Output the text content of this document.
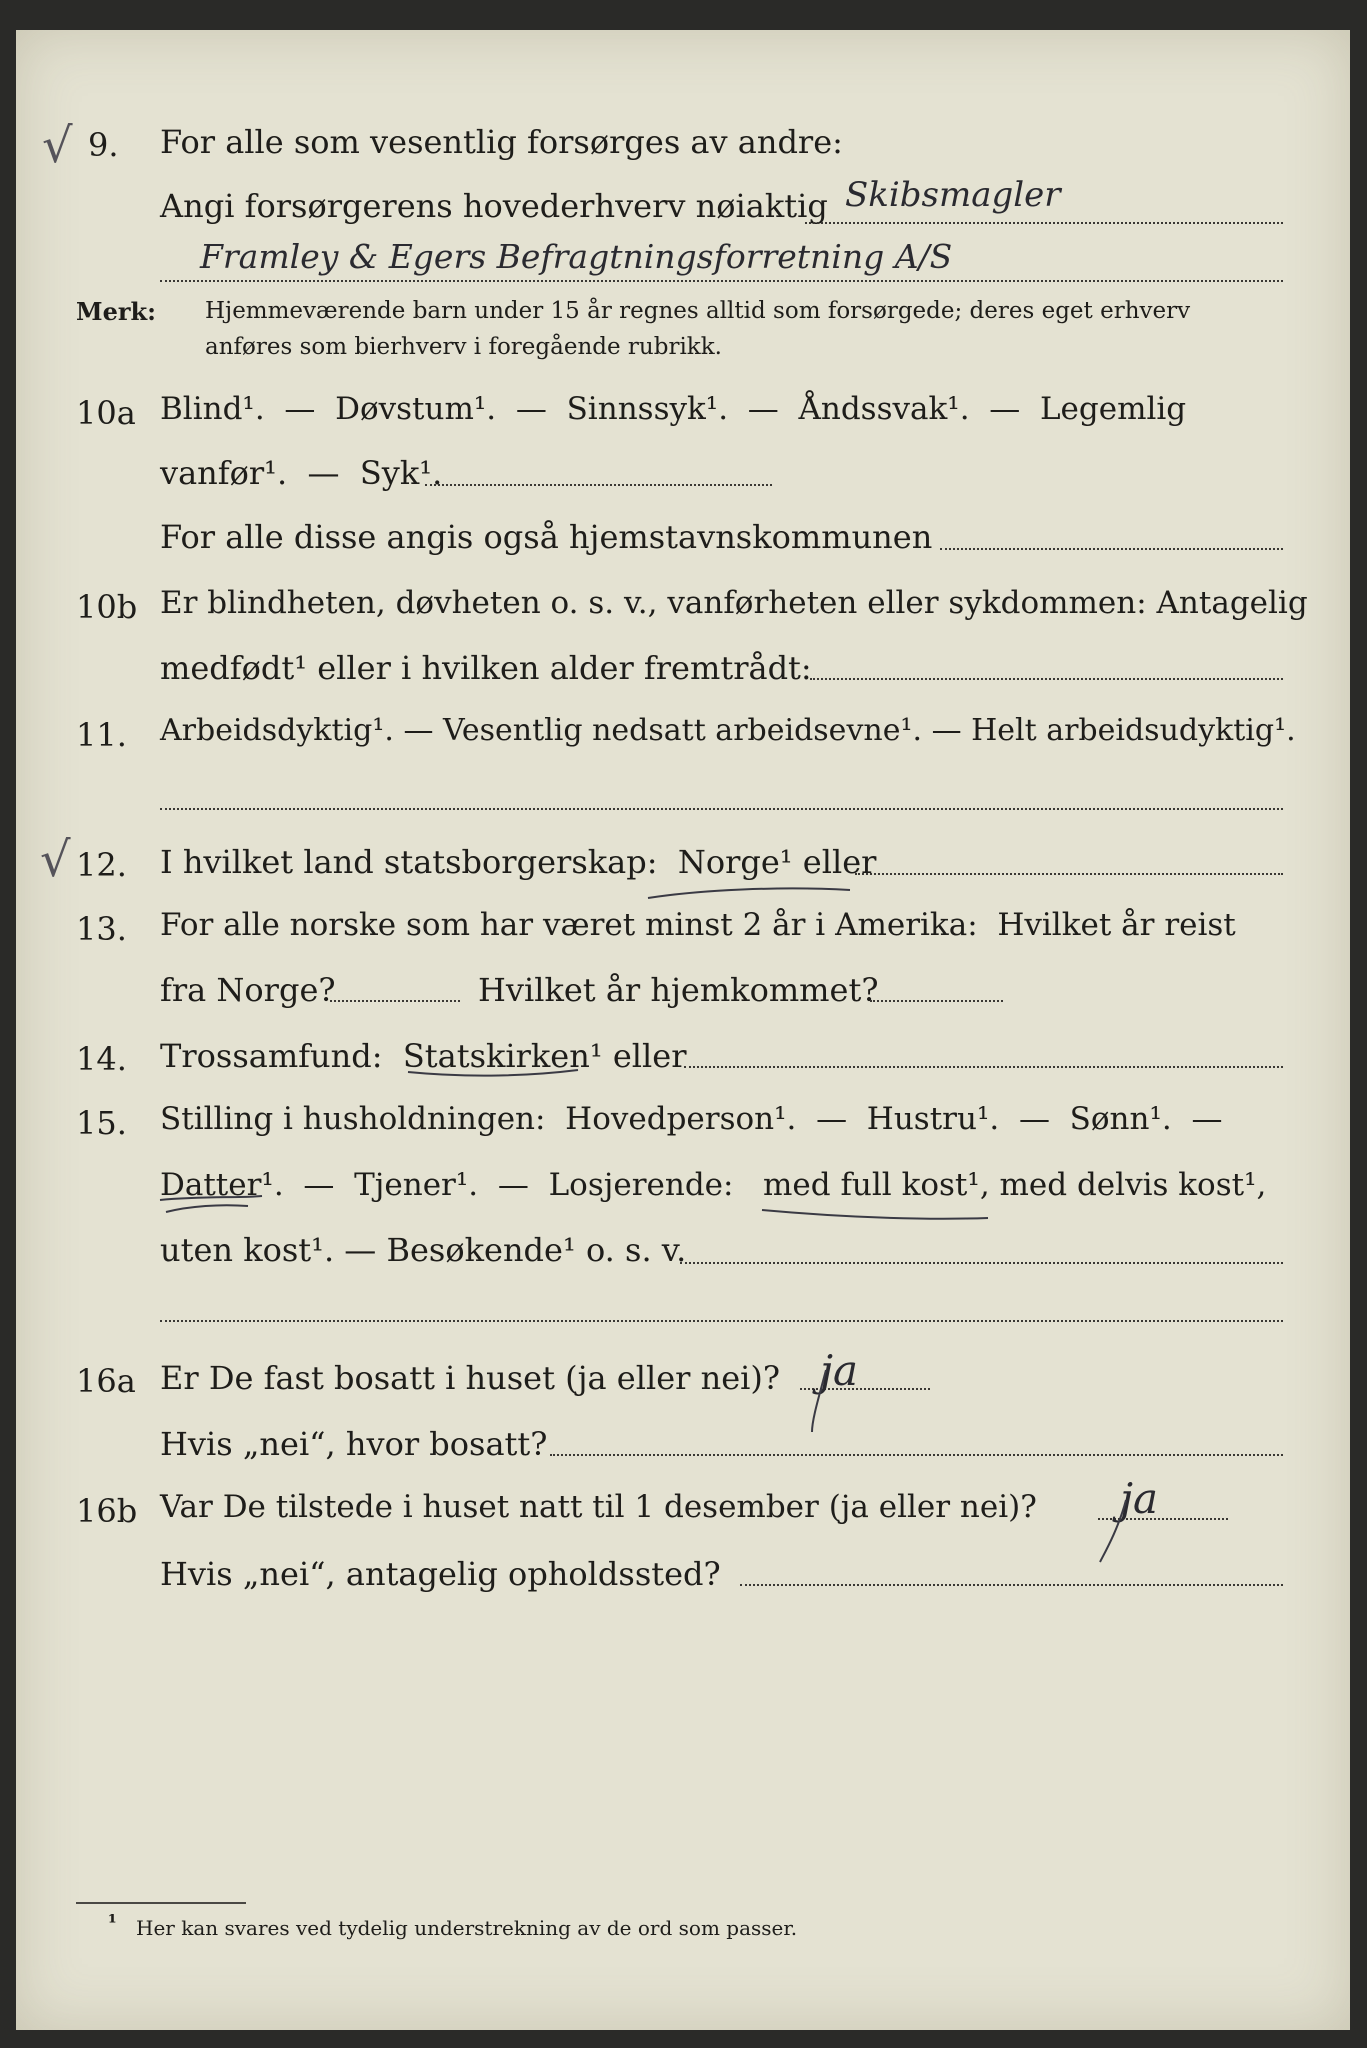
√
√
9. For alle som vesentlig forsørges av andre:
Angi forsørgerens hovederhverv nøiaktig Skibsmagler
Framley & Egers Befragtningsforretning A/S
Merk: Hjemmeværende barn under 15 år regnes alltid som forsørgede; deres eget erhverv
anføres som bierhverv i foregående rubrikk.
10a Blind¹.  —  Døvstum¹.  —  Sinnssyk¹.  —  Åndssvak¹.  —  Legemlig
vanfør¹.  —  Syk¹.
For alle disse angis også hjemstavnskommunen
10b Er blindheten, døvheten o. s. v., vanførheten eller sykdommen: Antagelig
medfødt¹ eller i hvilken alder fremtrådt:
11. Arbeidsdyktig¹. — Vesentlig nedsatt arbeidsevne¹. — Helt arbeidsudyktig¹.
12. I hvilket land statsborgerskap:  Norge¹ eller
13. For alle norske som har været minst 2 år i Amerika:  Hvilket år reist
fra Norge?	Hvilket år hjemkommet?
14. Trossamfund:  Statskirken¹ eller
15. Stilling i husholdningen:  Hovedperson¹.  —  Hustru¹.  —  Sønn¹.  —
Datter¹.  —  Tjener¹.  —  Losjerende:   med full kost¹, med delvis kost¹,
uten kost¹. — Besøkende¹ o. s. v.
16a Er De fast bosatt i huset (ja eller nei)? ja
Hvis „nei“, hvor bosatt?
16b Var De tilstede i huset natt til 1 desember (ja eller nei)? ja
Hvis „nei“, antagelig opholdssted?
¹ Her kan svares ved tydelig understrekning av de ord som passer.
